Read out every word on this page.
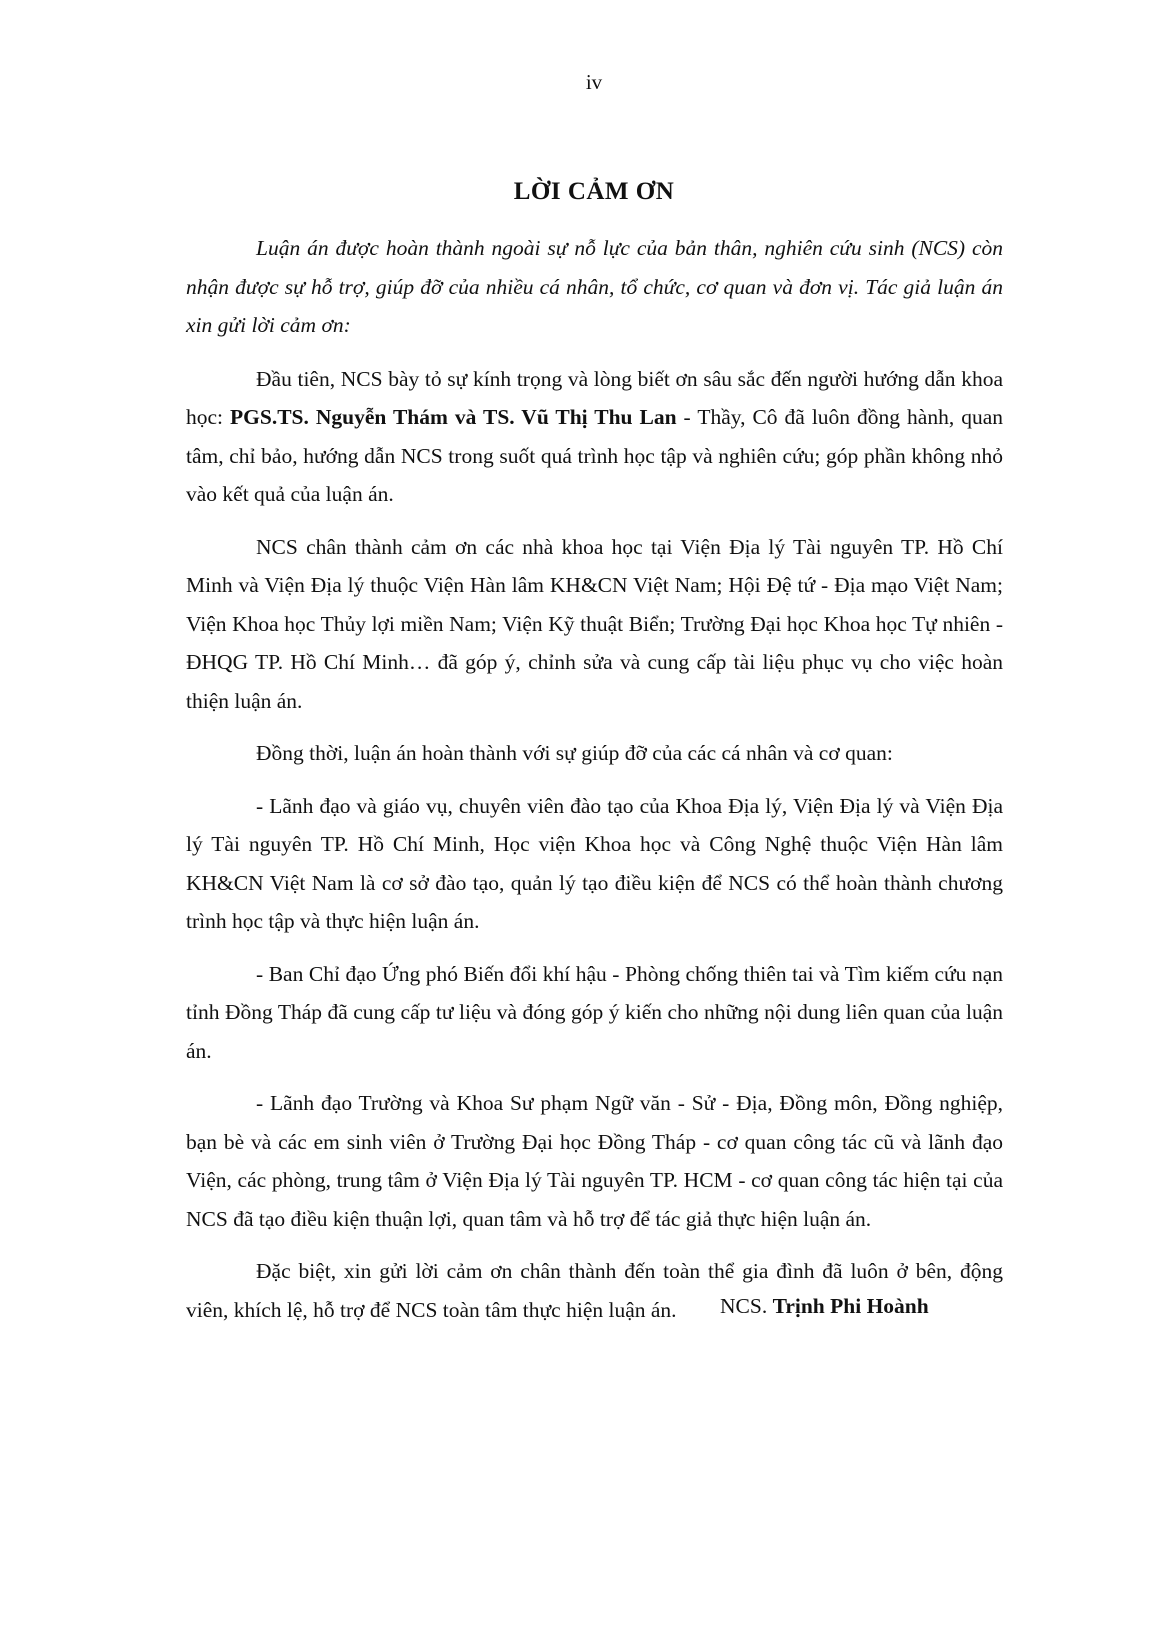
iv
LỜI CẢM ƠN

Luận án được hoàn thành ngoài sự nỗ lực của bản thân, nghiên cứu sinh (NCS) còn nhận được sự hỗ trợ, giúp đỡ của nhiều cá nhân, tổ chức, cơ quan và đơn vị. Tác giả luận án xin gửi lời cảm ơn:

Đầu tiên, NCS bày tỏ sự kính trọng và lòng biết ơn sâu sắc đến người hướng dẫn khoa học: PGS.TS. Nguyễn Thám và TS. Vũ Thị Thu Lan - Thầy, Cô đã luôn đồng hành, quan tâm, chỉ bảo, hướng dẫn NCS trong suốt quá trình học tập và nghiên cứu; góp phần không nhỏ vào kết quả của luận án.

NCS chân thành cảm ơn các nhà khoa học tại Viện Địa lý Tài nguyên TP. Hồ Chí Minh và Viện Địa lý thuộc Viện Hàn lâm KH&CN Việt Nam; Hội Đệ tứ - Địa mạo Việt Nam; Viện Khoa học Thủy lợi miền Nam; Viện Kỹ thuật Biển; Trường Đại học Khoa học Tự nhiên - ĐHQG TP. Hồ Chí Minh… đã góp ý, chỉnh sửa và cung cấp tài liệu phục vụ cho việc hoàn thiện luận án.

Đồng thời, luận án hoàn thành với sự giúp đỡ của các cá nhân và cơ quan:

- Lãnh đạo và giáo vụ, chuyên viên đào tạo của Khoa Địa lý, Viện Địa lý và Viện Địa lý Tài nguyên TP. Hồ Chí Minh, Học viện Khoa học và Công Nghệ thuộc Viện Hàn lâm KH&CN Việt Nam là cơ sở đào tạo, quản lý tạo điều kiện để NCS có thể hoàn thành chương trình học tập và thực hiện luận án.

- Ban Chỉ đạo Ứng phó Biến đổi khí hậu - Phòng chống thiên tai và Tìm kiếm cứu nạn tỉnh Đồng Tháp đã cung cấp tư liệu và đóng góp ý kiến cho những nội dung liên quan của luận án.

- Lãnh đạo Trường và Khoa Sư phạm Ngữ văn - Sử - Địa, Đồng môn, Đồng nghiệp, bạn bè và các em sinh viên ở Trường Đại học Đồng Tháp - cơ quan công tác cũ và lãnh đạo Viện, các phòng, trung tâm ở Viện Địa lý Tài nguyên TP. HCM - cơ quan công tác hiện tại của NCS đã tạo điều kiện thuận lợi, quan tâm và hỗ trợ để tác giả thực hiện luận án.

Đặc biệt, xin gửi lời cảm ơn chân thành đến toàn thể gia đình đã luôn ở bên, động viên, khích lệ, hỗ trợ để NCS toàn tâm thực hiện luận án.	NCS. Trịnh Phi Hoành
